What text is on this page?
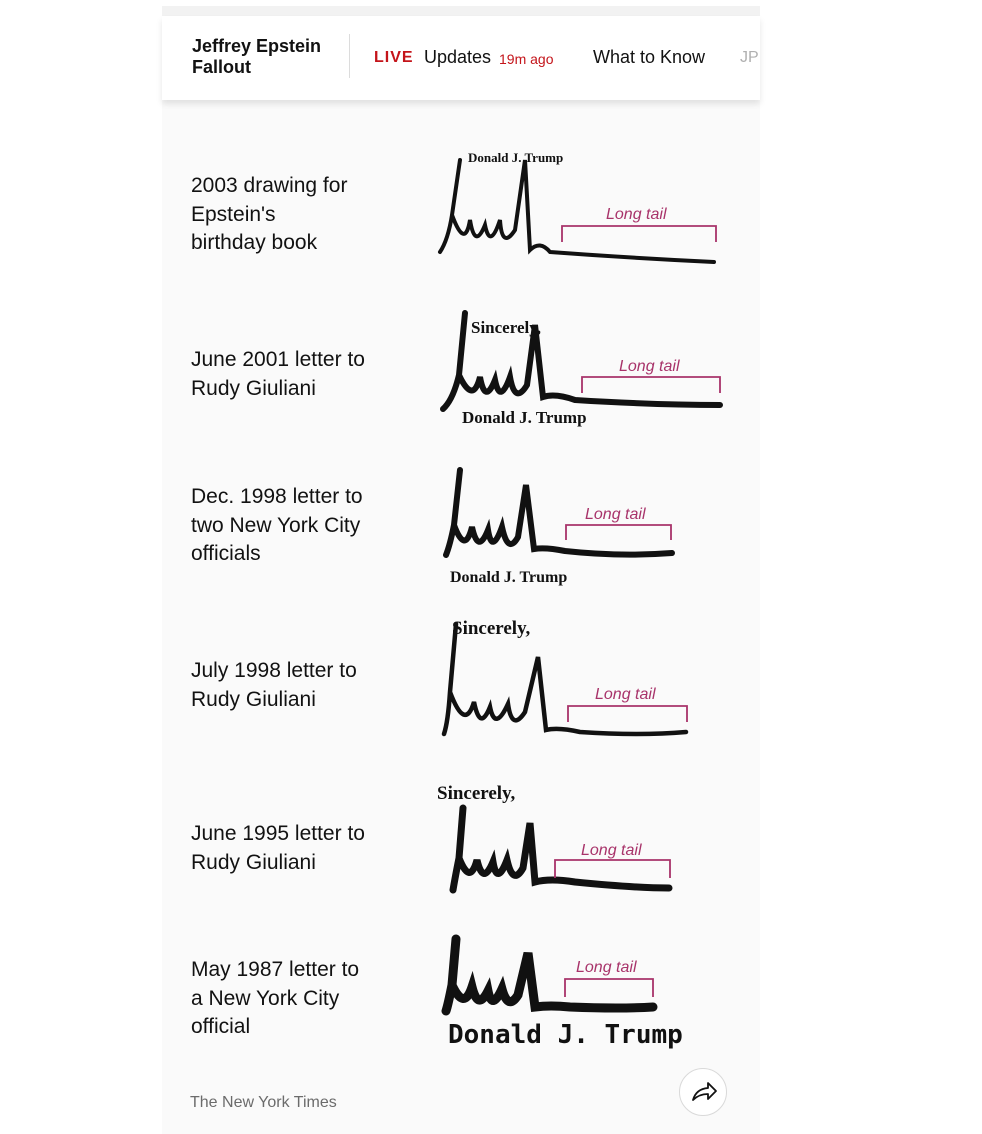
Jeffrey Epstein Fallout	LIVE Updates 19m ago What to Know JP
2003 drawing for Epstein's birthday book
Donald J. Trump
Long tail
June 2001 letter to Rudy Giuliani
Sincerely,
Long tail
Donald J. Trump
Dec. 1998 letter to two New York City officials
Long tail
Donald J. Trump
July 1998 letter to Rudy Giuliani
Sincerely,
Long tail
June 1995 letter to Rudy Giuliani
Sincerely,
Long tail
May 1987 letter to a New York City official
Long tail
Donald J. Trump
The New York Times
